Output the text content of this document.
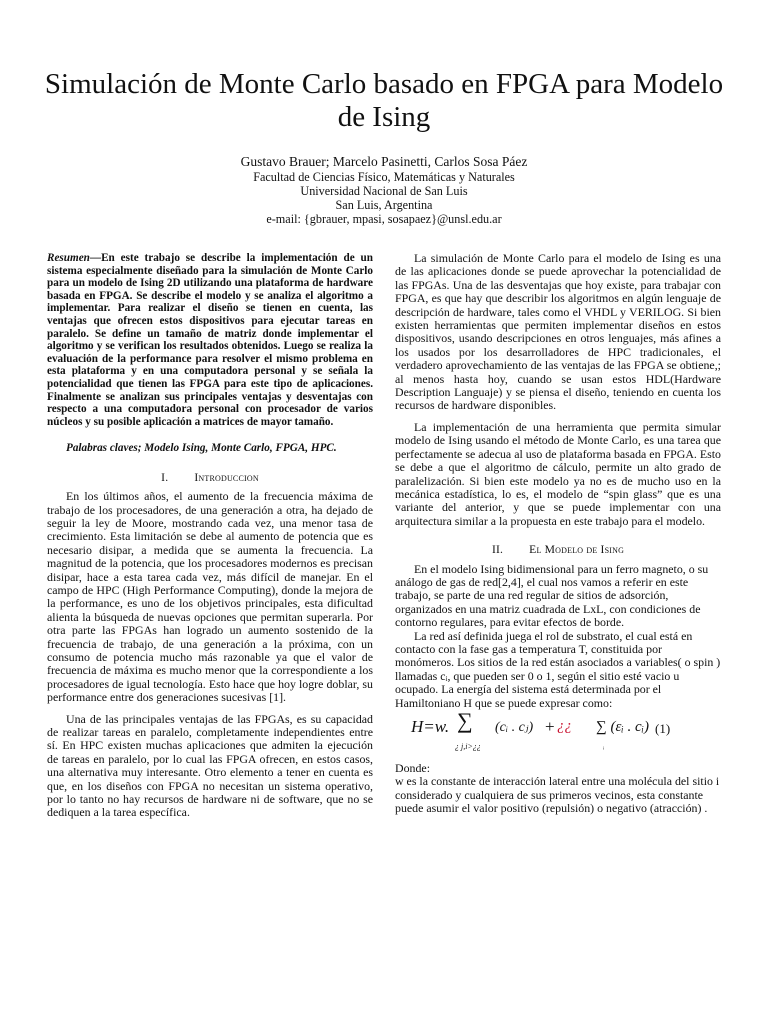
Simulación de Monte Carlo basado en FPGA para Modelo de Ising
Gustavo Brauer; Marcelo Pasinetti, Carlos Sosa Páez
Facultad de Ciencias Físico, Matemáticas y Naturales
Universidad Nacional de San Luis
San Luis, Argentina
e-mail: {gbrauer, mpasi, sosapaez}@unsl.edu.ar

Resumen—En este trabajo se describe la implementación de un sistema especialmente diseñado para la simulación de Monte Carlo para un modelo de Ising 2D utilizando una plataforma de hardware basada en FPGA. Se describe el modelo y se analiza el algoritmo a implementar. Para realizar el diseño se tienen en cuenta, las ventajas que ofrecen estos dispositivos para ejecutar tareas en paralelo. Se define un tamaño de matriz donde implementar el algoritmo y se verifican los resultados obtenidos. Luego se realiza la evaluación de la performance para resolver el mismo problema en esta plataforma y en una computadora personal y se señala la potencialidad que tienen las FPGA para este tipo de aplicaciones. Finalmente se analizan sus principales ventajas y desventajas con respecto a una computadora personal con procesador de varios núcleos y su posible aplicación a matrices de mayor tamaño.

Palabras claves; Modelo Ising, Monte Carlo, FPGA, HPC.
I. Introduccion

En los últimos años, el aumento de la frecuencia máxima de trabajo de los procesadores, de una generación a otra, ha dejado de seguir la ley de Moore, mostrando cada vez, una menor tasa de crecimiento. Esta limitación se debe al aumento de potencia que es necesario disipar, a medida que se aumenta la frecuencia. La magnitud de la potencia, que los procesadores modernos es precisan disipar, hace a esta tarea cada vez, más difícil de manejar. En el campo de HPC (High Performance Computing), donde la mejora de la performance, es uno de los objetivos principales, esta dificultad alienta la búsqueda de nuevas opciones que permitan superarla. Por otra parte las FPGAs han logrado un aumento sostenido de la frecuencia de trabajo, de una generación a la próxima, con un consumo de potencia mucho más razonable ya que el valor de frecuencia de máxima es mucho menor que la correspondiente a los procesadores de igual tecnología. Esto hace que hoy logre doblar, su performance entre dos generaciones sucesivas [1].

Una de las principales ventajas de las FPGAs, es su capacidad de realizar tareas en paralelo, completamente independientes entre sí. En HPC existen muchas aplicaciones que admiten la ejecución de tareas en paralelo, por lo cual las FPGA ofrecen, en estos casos, una alternativa muy interesante. Otro elemento a tener en cuenta es que, en los diseños con FPGA no necesitan un sistema operativo, por lo tanto no hay recursos de hardware ni de software, que no se dediquen a la tarea específica.

La simulación de Monte Carlo para el modelo de Ising es una de las aplicaciones donde se puede aprovechar la potencialidad de las FPGAs. Una de las desventajas que hoy existe, para trabajar con FPGA, es que hay que describir los algoritmos en algún lenguaje de descripción de hardware, tales como el VHDL y VERILOG. Si bien existen herramientas que permiten implementar diseños en estos dispositivos, usando descripciones en otros lenguajes, más afines a los usados por los desarrolladores de HPC tradicionales, el verdadero aprovechamiento de las ventajas de las FPGA se obtiene,; al menos hasta hoy, cuando se usan estos HDL(Hardware Description Languaje) y se piensa el diseño, teniendo en cuenta los recursos de hardware disponibles.

La implementación de una herramienta que permita simular modelo de Ising usando el método de Monte Carlo, es una tarea que perfectamente se adecua al uso de plataforma basada en FPGA. Esto se debe a que el algoritmo de cálculo, permite un alto grado de paralelización. Si bien este modelo ya no es de mucho uso en la mecánica estadística, lo es, el modelo de “spin glass” que es una variante del anterior, y que se puede implementar con una arquitectura similar a la propuesta en este trabajo para el modelo.

II. El Modelo de Ising

En el modelo Ising bidimensional para un ferro magneto, o su análogo de gas de red[2,4], el cual nos vamos a referir en este trabajo, se parte de una red regular de sitios de adsorción, organizados en una matriz cuadrada de LxL, con condiciones de contorno regulares, para evitar efectos de borde.

La red así definida juega el rol de substrato, el cual está en contacto con la fase gas a temperatura T, constituida por monómeros. Los sitios de la red están asociados a variables( o spin ) llamadas cᵢ, que pueden ser 0 o 1, según el sitio esté vacio u ocupado. La energía del sistema está determinada por el Hamiltoniano H que se puede expresar como:

H=w. ∑
¿ j,i>¿¿
(cᵢ . cⱼ) + ¿¿ ∑ (εᵢ . cᵢ)
ᵢ
(1)

Donde:

w es la constante de interacción lateral entre una molécula del sitio i considerado y cualquiera de sus primeros vecinos, esta constante puede asumir el valor positivo (repulsión) o negativo (atracción) .
